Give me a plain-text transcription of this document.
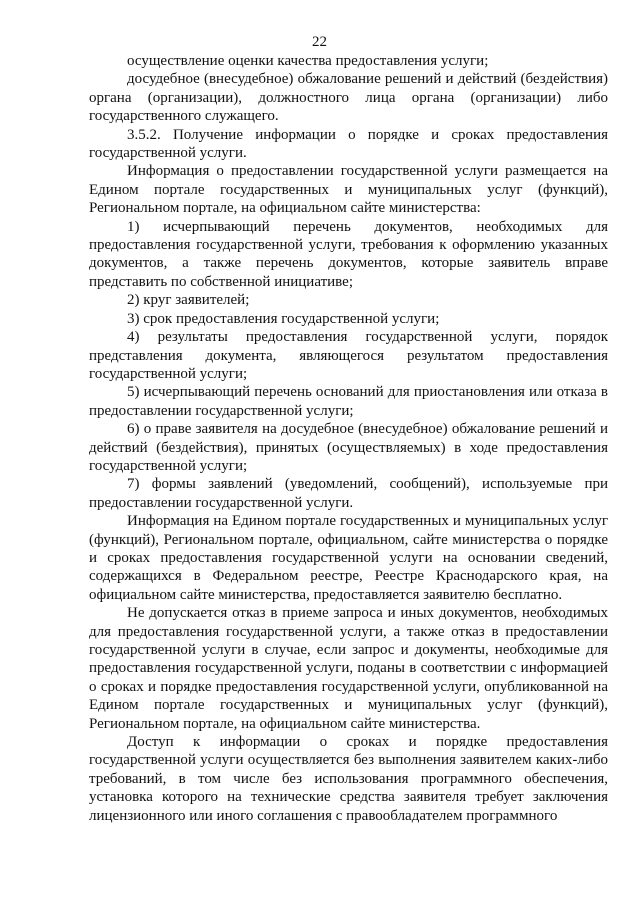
22

осуществление оценки качества предоставления услуги;

досудебное (внесудебное) обжалование решений и действий (бездействия) органа (организации), должностного лица органа (организации) либо государственного служащего.

3.5.2. Получение информации о порядке и сроках предоставления государственной услуги.

Информация о предоставлении государственной услуги размещается на Едином портале государственных и муниципальных услуг (функций), Региональном портале, на официальном сайте министерства:

1) исчерпывающий перечень документов, необходимых для предоставления государственной услуги, требования к оформлению указанных документов, а также перечень документов, которые заявитель вправе представить по собственной инициативе;

2) круг заявителей;

3) срок предоставления государственной услуги;

4) результаты предоставления государственной услуги, порядок представления документа, являющегося результатом предоставления государственной услуги;

5) исчерпывающий перечень оснований для приостановления или отказа в предоставлении государственной услуги;

6) о праве заявителя на досудебное (внесудебное) обжалование решений и действий (бездействия), принятых (осуществляемых) в ходе предоставления государственной услуги;

7) формы заявлений (уведомлений, сообщений), используемые при предоставлении государственной услуги.

Информация на Едином портале государственных и муниципальных услуг (функций), Региональном портале, официальном, сайте министерства о порядке и сроках предоставления государственной услуги на основании сведений, содержащихся в Федеральном реестре, Реестре Краснодарского края, на официальном сайте министерства, предоставляется заявителю бесплатно.

Не допускается отказ в приеме запроса и иных документов, необходимых для предоставления государственной услуги, а также отказ в предоставлении государственной услуги в случае, если запрос и документы, необходимые для предоставления государственной услуги, поданы в соответствии с информацией о сроках и порядке предоставления государственной услуги, опубликованной на Едином портале государственных и муниципальных услуг (функций), Региональном портале, на официальном сайте министерства.

Доступ к информации о сроках и порядке предоставления государственной услуги осуществляется без выполнения заявителем каких-либо требований, в том числе без использования программного обеспечения, установка которого на технические средства заявителя требует заключения лицензионного или иного соглашения с правообладателем программного
